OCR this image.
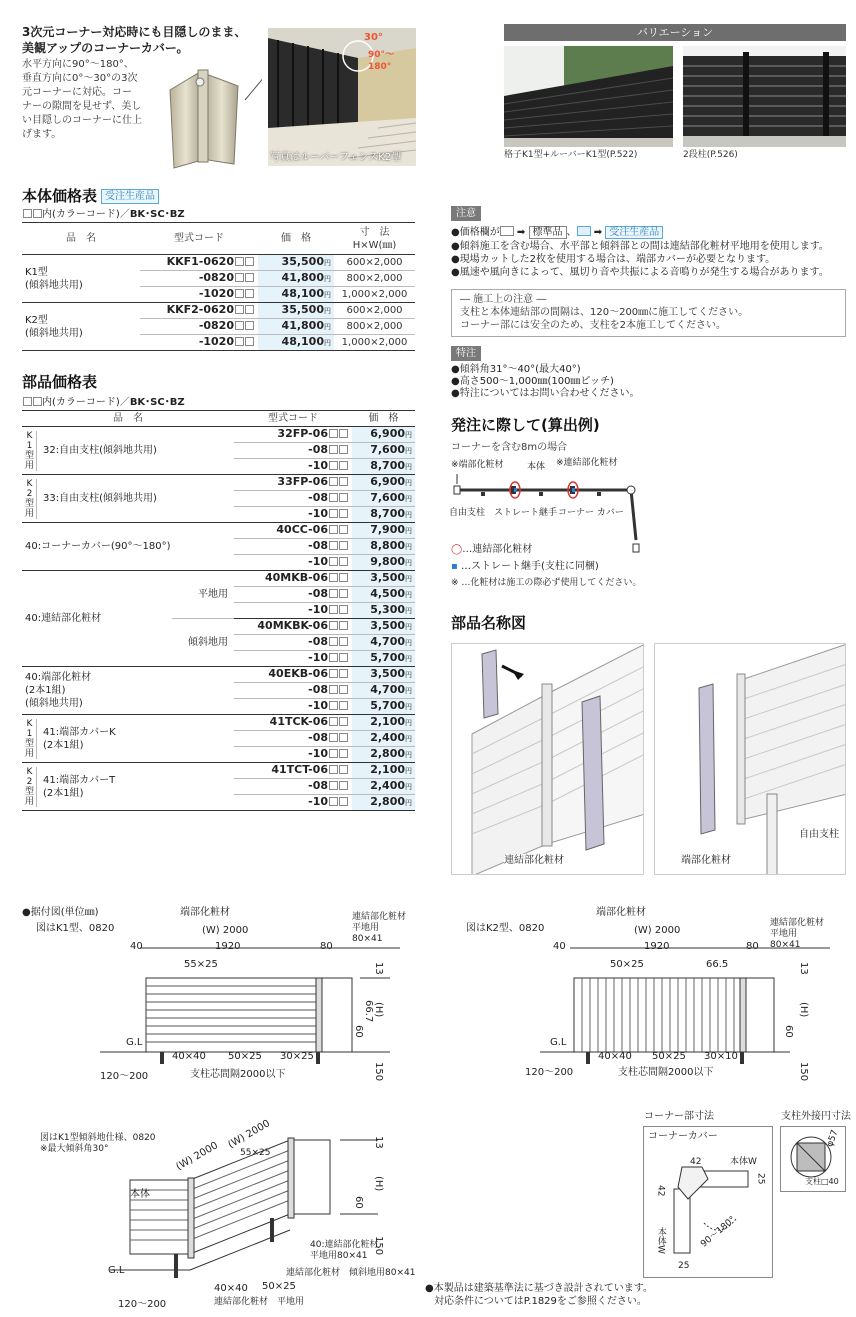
3次元コーナー対応時にも目隠しのまま、
美観アップのコーナーカバー。
水平方向に90°～180°、
垂直方向に0°～30°の3次
元コーナーに対応。コー
ナーの隙間を見せず、美し
い目隠しのコーナーに仕上
げます。
30°
90°～180°
写真はルーバーフェンスK2型
バリエーション
格子K1型+ルーバーK1型(P.522)	2段柱(P.526)
本体価格表 受注生産品
内(カラーコード)／BK･SC･BZ
品　名	型式コード	価　格	寸　法
H×W(㎜)

K1型
(傾斜地共用)	KKF1-0620	35,500円	600×2,000
	-0820	41,800円	800×2,000
	-1020	48,100円	1,000×2,000

K2型
(傾斜地共用)	KKF2-0620	35,500円	600×2,000
	-0820	41,800円	800×2,000
	-1020	48,100円	1,000×2,000
部品価格表
内(カラーコード)／BK･SC･BZ
品　名		型式コード	価　格

K1型用
32:自由支柱(傾斜地共用)		32FP-06	6,900円
		-08	7,600円
		-10	8,700円

K2型用
33:自由支柱(傾斜地共用)		33FP-06	6,900円
		-08	7,600円
		-10	8,700円

40:コーナーカバー(90°～180°)		40CC-06	7,900円
		-08	8,800円
		-10	9,800円
40:連結部化粧材	平地用	40MKB-06	3,500円
		-08	4,500円
		-10	5,300円
	傾斜地用	40MKBK-06	3,500円
		-08	4,700円
		-10	5,700円

40:端部化粧材
(2本1組)
(傾斜地共用)		40EKB-06	3,500円
		-08	4,700円
		-10	5,700円

K1型用
41:端部カバーK
(2本1組)		41TCK-06	2,100円
		-08	2,400円
		-10	2,800円

K2型用
41:端部カバーT
(2本1組)		41TCT-06	2,100円
		-08	2,400円
		-10	2,800円
注意
●価格欄が ➡ 標準品 、 ➡ 受注生産品
●傾斜施工を含む場合、水平部と傾斜部との間は連結部化粧材平地用を使用します。
●現場カットした2枚を使用する場合は、端部カバーが必要となります。
●風速や風向きによって、風切り音や共振による音鳴りが発生する場合があります。
― 施工上の注意 ―
支柱と本体連結部の間隔は、120～200㎜に施工してください。
コーナー部には安全のため、支柱を2本施工してください。
特注
●傾斜角31°～40°(最大40°)
●高さ500～1,000㎜(100㎜ピッチ)
●特注についてはお問い合わせください。
発注に際して(算出例)
コーナーを含む8mの場合
※端部化粧材	本体 ※連結部化粧材
自由支柱 ストレート継手 コーナー カバー
◯…連結部化粧材
▪ …ストレート継手(支柱に同梱)
※ …化粧材は施工の際必ず使用してください。
部品名称図
連結部化粧材	端部化粧材
自由支柱
●据付図(単位㎜)
図はK1型、0820
端部化粧材	連結部化粧材
平地用
80×41
(W) 2000
40	1920	80
55×25	13
66.7
60
(H)
150
G.L
40×40 50×25 30×25
120～200	支柱芯間隔2000以下
図はK2型、0820
端部化粧材
連結部化粧材
平地用
80×41
(W) 2000
40	1920	80
50×25	66.5	13
(H)
60
150
G.L
40×40 50×25 30×10
120～200	支柱芯間隔2000以下
図はK1型傾斜地仕様、0820
※最大傾斜角30°	(W) 2000
(W) 2000
55×25
本体
G.L
120～200
40×40 50×25
連結部化粧材　平地用
40:連結部化粧材
平地用80×41
連結部化粧材　傾斜地用80×41
13
(H)
60
150
コーナー部寸法
コーナーカバー
42	本体W
25
42
本体W	90～180°
25
支柱外接円寸法
φ57
支柱□40
●本製品は建築基準法に基づき設計されています。
対応条件についてはP.1829をご参照ください。
